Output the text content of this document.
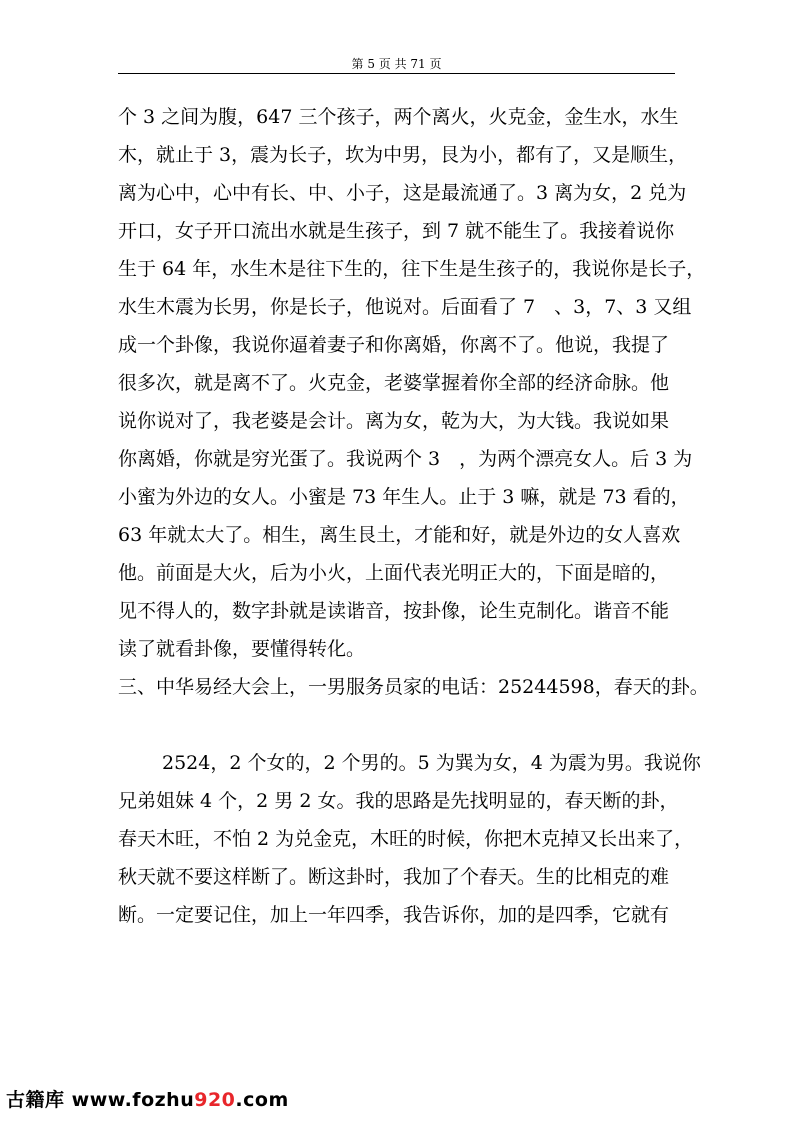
第 5 页 共 71 页
个 3 之间为腹，647 三个孩子，两个离火，火克金，金生水，水生
木，就止于 3，震为长子，坎为中男，艮为小，都有了，又是顺生，
离为心中，心中有长、中、小子，这是最流通了。3 离为女，2 兑为
开口，女子开口流出水就是生孩子，到 7 就不能生了。我接着说你
生于 64 年，水生木是往下生的，往下生是生孩子的，我说你是长子，
水生木震为长男，你是长子，他说对。后面看了 7　、3，7、3 又组
成一个卦像，我说你逼着妻子和你离婚，你离不了。他说，我提了
很多次，就是离不了。火克金，老婆掌握着你全部的经济命脉。他
说你说对了，我老婆是会计。离为女，乾为大，为大钱。我说如果
你离婚，你就是穷光蛋了。我说两个 3　，为两个漂亮女人。后 3 为
小蜜为外边的女人。小蜜是 73 年生人。止于 3 嘛，就是 73 看的，
63 年就太大了。相生，离生艮土，才能和好，就是外边的女人喜欢
他。前面是大火，后为小火，上面代表光明正大的，下面是暗的，
见不得人的，数字卦就是读谐音，按卦像，论生克制化。谐音不能
读了就看卦像，要懂得转化。
三、中华易经大会上，一男服务员家的电话：25244598，春天的卦。
2524，2 个女的，2 个男的。5 为巽为女，4 为震为男。我说你
兄弟姐妹 4 个，2 男 2 女。我的思路是先找明显的，春天断的卦，
春天木旺，不怕 2 为兑金克，木旺的时候，你把木克掉又长出来了，
秋天就不要这样断了。断这卦时，我加了个春天。生的比相克的难
断。一定要记住，加上一年四季，我告诉你，加的是四季，它就有
古籍库 www.fozhu920.com
